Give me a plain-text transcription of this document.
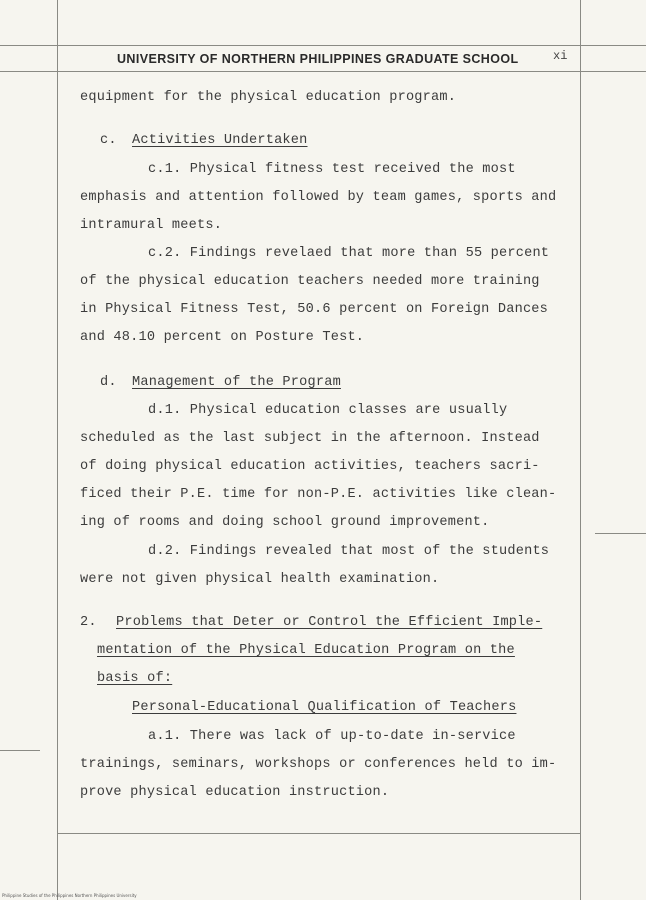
UNIVERSITY OF NORTHERN PHILIPPINES GRADUATE SCHOOL	xi
equipment for the physical education program.
c. Activities Undertaken
c.1. Physical fitness test received the most
emphasis and attention followed by team games, sports and
intramural meets.
c.2. Findings revelaed that more than 55 percent
of the physical education teachers needed more training
in Physical Fitness Test, 50.6 percent on Foreign Dances
and 48.10 percent on Posture Test.
d. Management of the Program
d.1. Physical education classes are usually
scheduled as the last subject in the afternoon. Instead
of doing physical education activities, teachers sacri-
ficed their P.E. time for non-P.E. activities like clean-
ing of rooms and doing school ground improvement.
d.2. Findings revealed that most of the students
were not given physical health examination.
2. Problems that Deter or Control the Efficient Imple-
mentation of the Physical Education Program on the
basis of:
Personal-Educational Qualification of Teachers
a.1. There was lack of up-to-date in-service
trainings, seminars, workshops or conferences held to im-
prove physical education instruction.
Philippine Studies of the Philippines Northern Philippines University
